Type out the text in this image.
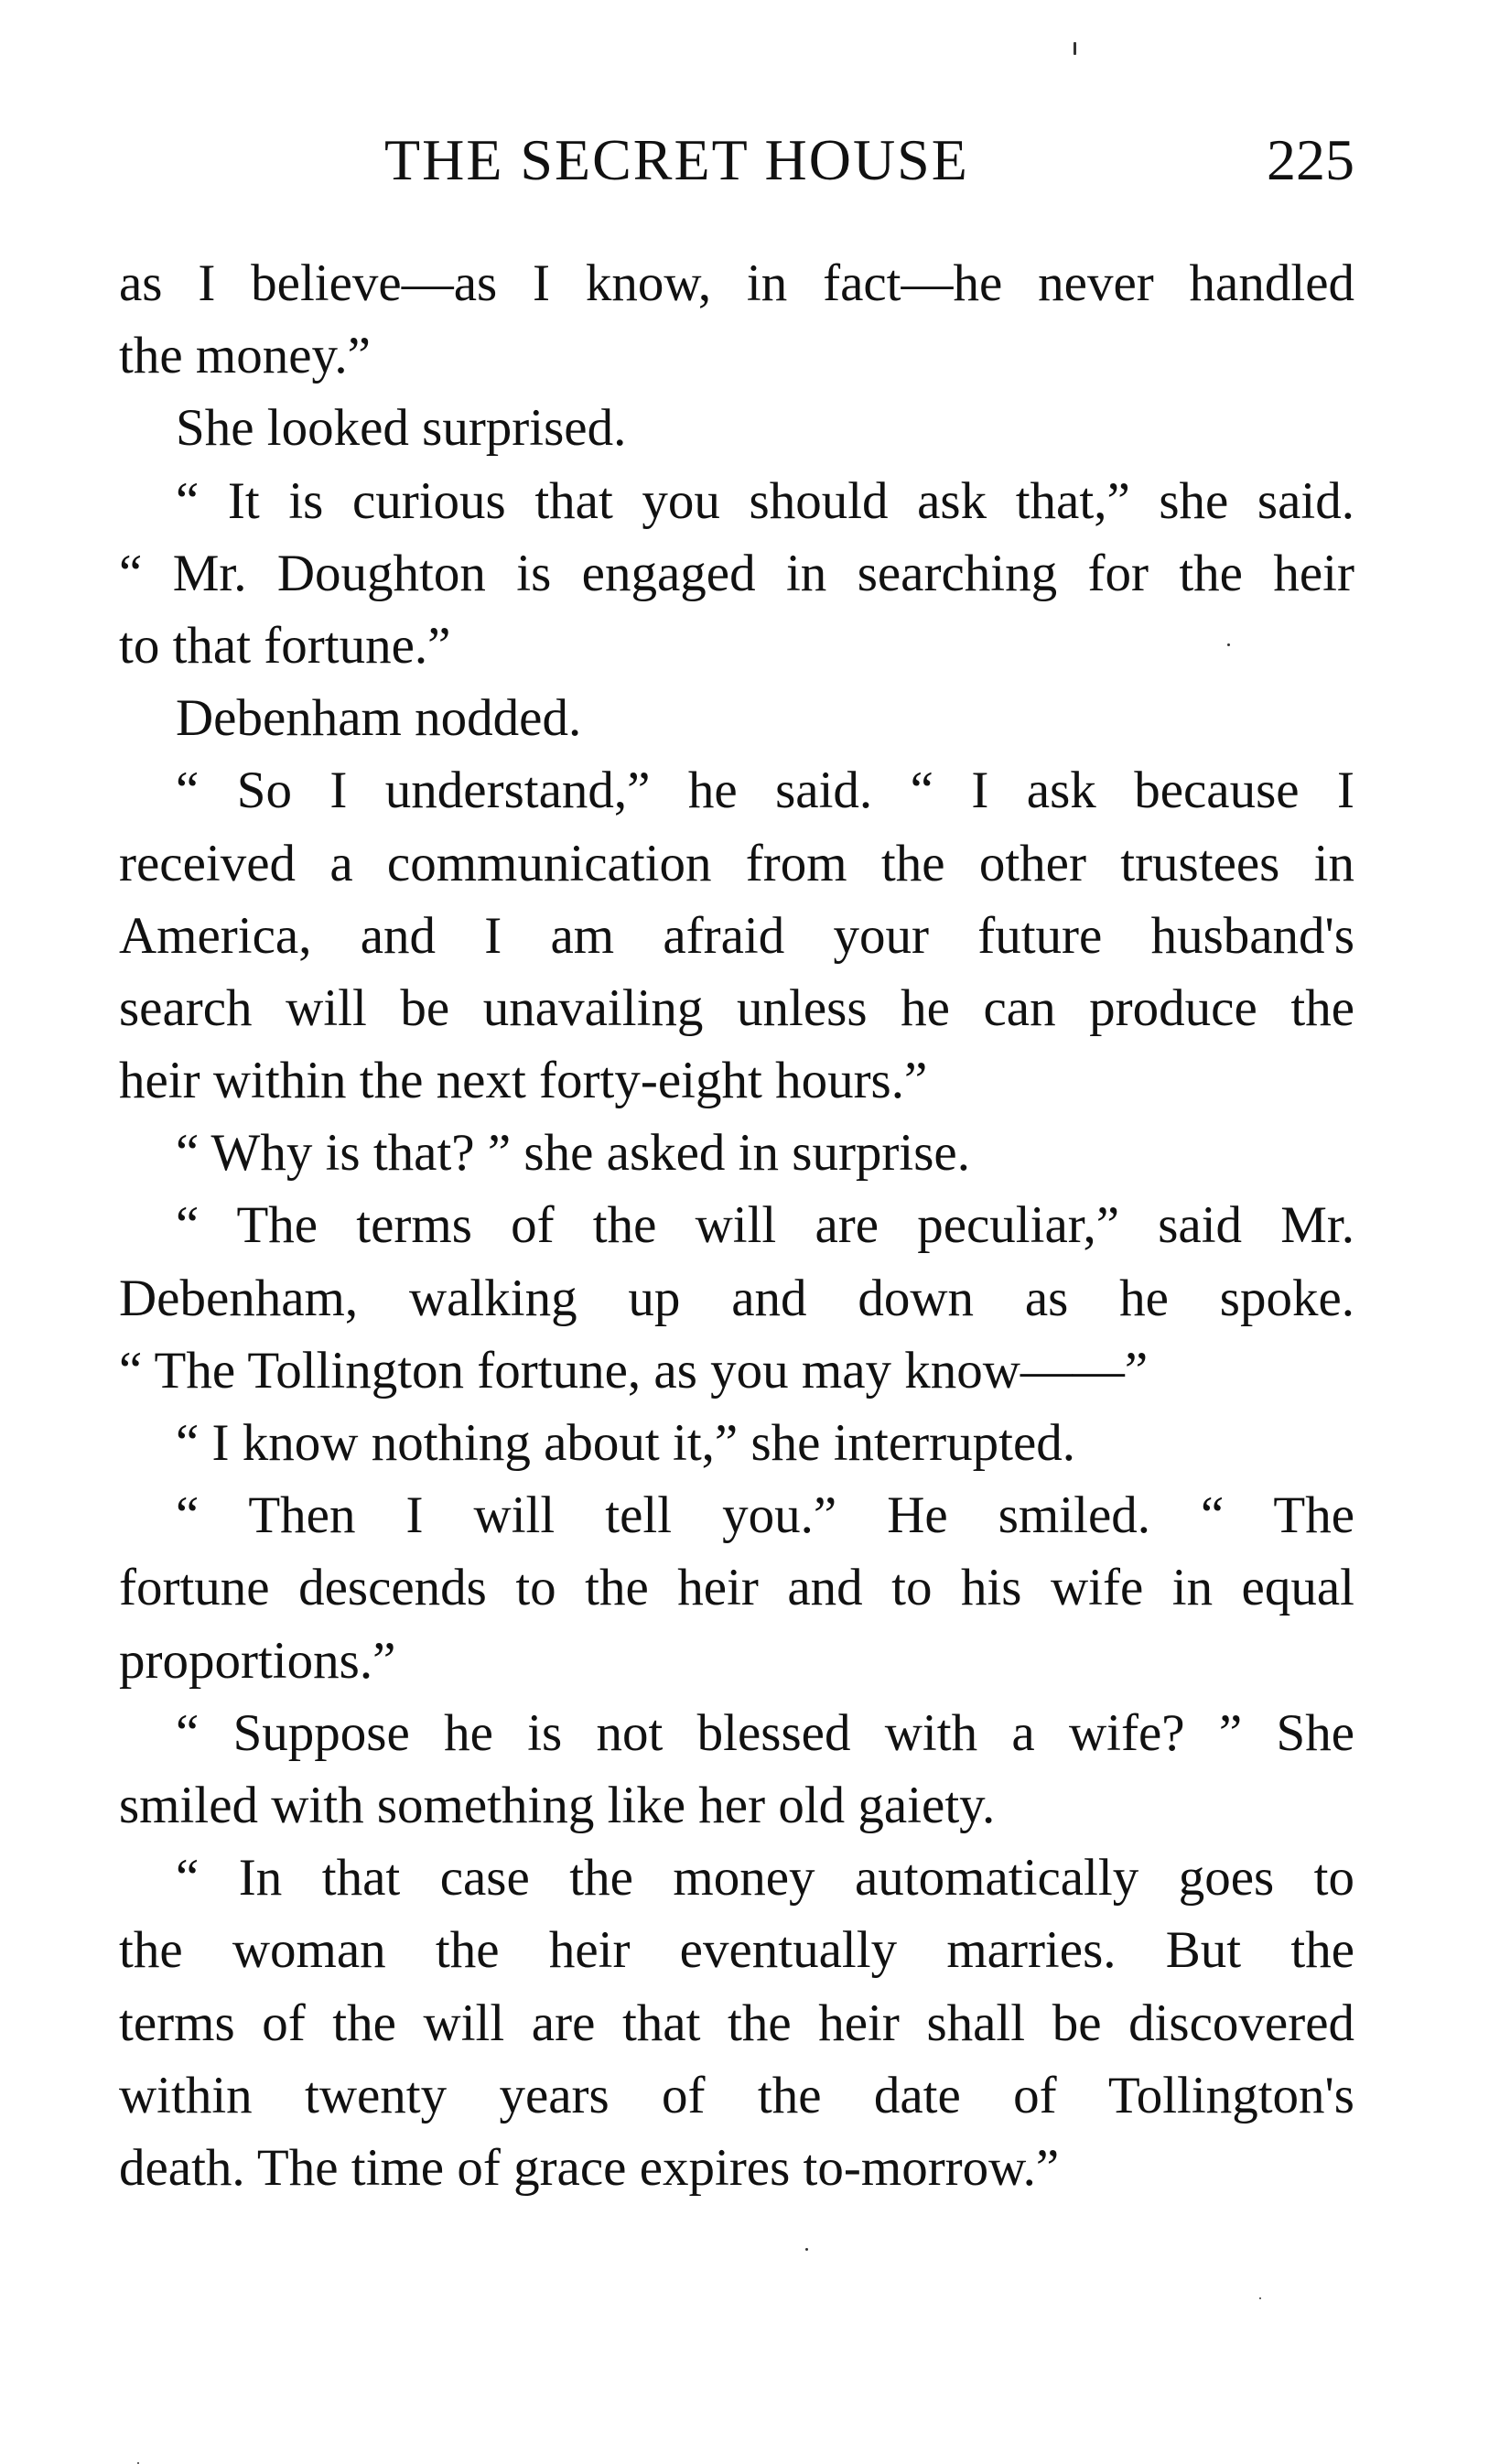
THE SECRET HOUSE	225
as I believe—as I know, in fact—he never handled
the money.”
She looked surprised.
“ It is curious that you should ask that,” she said.
“ Mr. Doughton is engaged in searching for the heir
to that fortune.”
Debenham nodded.
“ So I understand,” he said. “ I ask because I
received a communication from the other trustees in
America, and I am afraid your future husband's
search will be unavailing unless he can produce the
heir within the next forty-eight hours.”
“ Why is that? ” she asked in surprise.
“ The terms of the will are peculiar,” said Mr.
Debenham, walking up and down as he spoke.
“ The Tollington fortune, as you may know——”
“ I know nothing about it,” she interrupted.
“ Then I will tell you.” He smiled. “ The
fortune descends to the heir and to his wife in equal
proportions.”
“ Suppose he is not blessed with a wife? ” She
smiled with something like her old gaiety.
“ In that case the money automatically goes to
the woman the heir eventually marries. But the
terms of the will are that the heir shall be discovered
within twenty years of the date of Tollington's
death. The time of grace expires to-morrow.”
